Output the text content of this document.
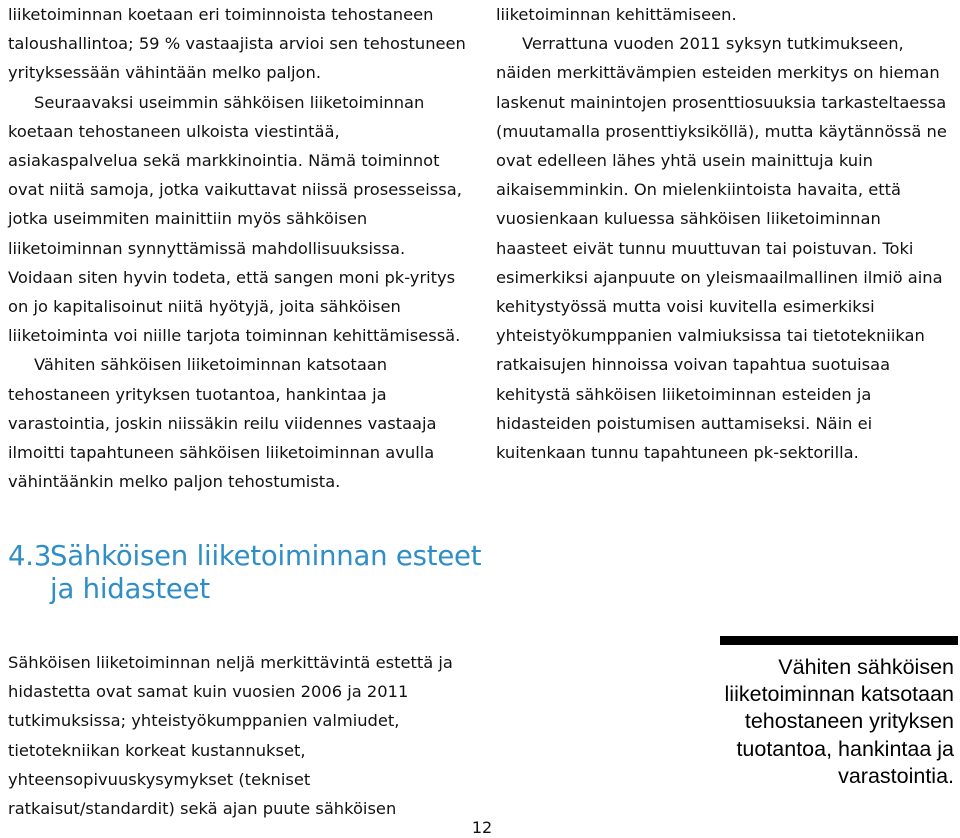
liiketoiminnan koetaan eri toiminnoista tehostaneen taloushallintoa; 59 % vastaajista arvioi sen tehostuneen yrityksessään vähintään melko paljon.

Seuraavaksi useimmin sähköisen liiketoiminnan koetaan tehostaneen ulkoista viestintää, asiakaspalvelua sekä markkinointia. Nämä toiminnot ovat niitä samoja, jotka vaikuttavat niissä prosesseissa, jotka useimmiten mainittiin myös sähköisen liiketoiminnan synnyttämissä mahdollisuuksissa. Voidaan siten hyvin todeta, että sangen moni pk-yritys on jo kapitalisoinut niitä hyötyjä, joita sähköisen liiketoiminta voi niille tarjota toiminnan kehittämisessä.

Vähiten sähköisen liiketoiminnan katsotaan tehostaneen yrityksen tuotantoa, hankintaa ja varastointia, joskin niissäkin reilu viidennes vastaaja ilmoitti tapahtuneen sähköisen liiketoiminnan avulla vähintäänkin melko paljon tehostumista.

liiketoiminnan kehittämiseen.

Verrattuna vuoden 2011 syksyn tutkimukseen, näiden merkittävämpien esteiden merkitys on hieman laskenut mainintojen prosenttiosuuksia tarkasteltaessa (muutamalla prosenttiyksiköllä), mutta käytännössä ne ovat edelleen lähes yhtä usein mainittuja kuin aikaisemminkin. On mielenkiintoista havaita, että vuosienkaan kuluessa sähköisen liiketoiminnan haasteet eivät tunnu muuttuvan tai poistuvan. Toki esimerkiksi ajanpuute on yleismaailmallinen ilmiö aina kehitystyössä mutta voisi kuvitella esimerkiksi yhteistyökumppanien valmiuksissa tai tietotekniikan ratkaisujen hinnoissa voivan tapahtua suotuisaa kehitystä sähköisen liiketoiminnan esteiden ja hidasteiden poistumisen auttamiseksi. Näin ei kuitenkaan tunnu tapahtuneen pk-sektorilla.

4.3Sähköisen liiketoiminnan esteet
ja hidasteet

Sähköisen liiketoiminnan neljä merkittävintä estettä ja hidastetta ovat samat kuin vuosien 2006 ja 2011 tutkimuksissa; yhteistyökumppanien valmiudet, tietotekniikan korkeat kustannukset, yhteensopivuuskysymykset (tekniset ratkaisut/standardit) sekä ajan puute sähköisen

Vähiten sähköisen liiketoiminnan katsotaan tehostaneen yrityksen tuotantoa, hankintaa ja varastointia.

12
